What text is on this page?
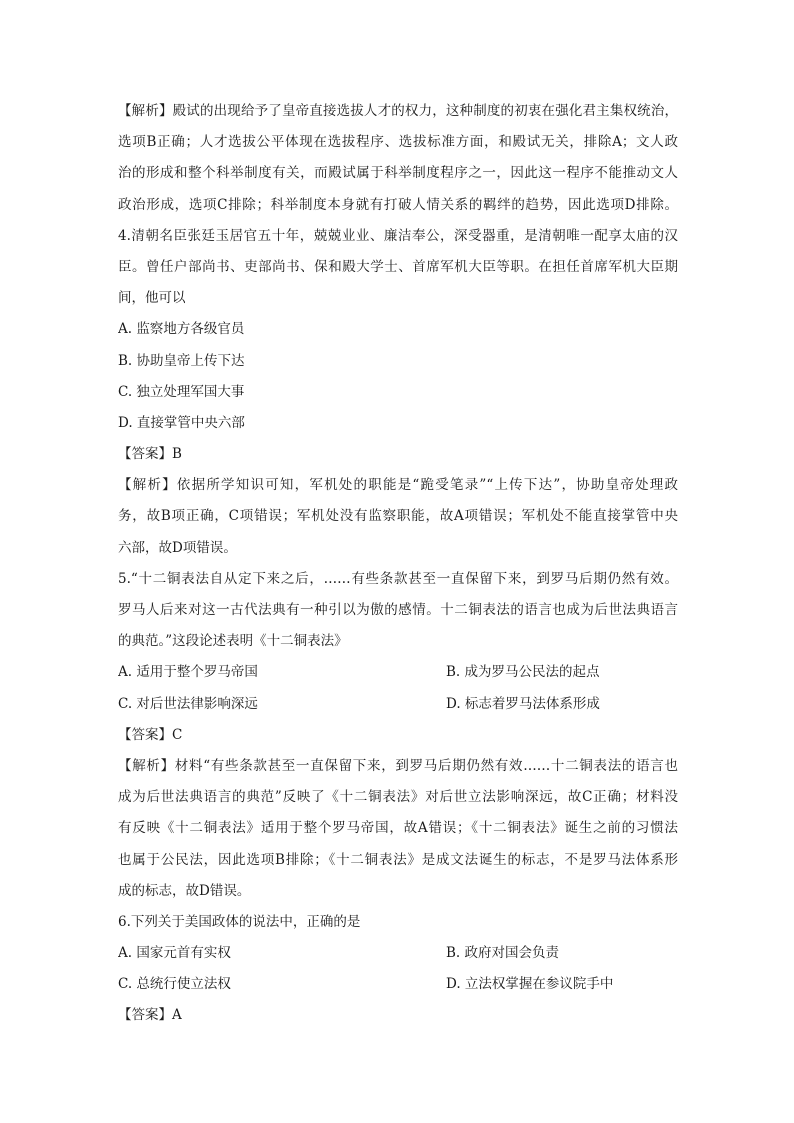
【解析】殿试的出现给予了皇帝直接选拔人才的权力，这种制度的初衷在强化君主集权统治，
选项B正确；人才选拔公平体现在选拔程序、选拔标准方面，和殿试无关，排除A；文人政
治的形成和整个科举制度有关，而殿试属于科举制度程序之一，因此这一程序不能推动文人
政治形成，选项C排除；科举制度本身就有打破人情关系的羁绊的趋势，因此选项D排除。
4.清朝名臣张廷玉居官五十年，兢兢业业、廉洁奉公，深受器重，是清朝唯一配享太庙的汉
臣。曾任户部尚书、吏部尚书、保和殿大学士、首席军机大臣等职。在担任首席军机大臣期
间，他可以
A. 监察地方各级官员
B. 协助皇帝上传下达
C. 独立处理军国大事
D. 直接掌管中央六部
【答案】B
【解析】依据所学知识可知，军机处的职能是“跪受笔录”“上传下达”，协助皇帝处理政
务，故B项正确，C项错误；军机处没有监察职能，故A项错误；军机处不能直接掌管中央
六部，故D项错误。
5.“十二铜表法自从定下来之后，……有些条款甚至一直保留下来，到罗马后期仍然有效。
罗马人后来对这一古代法典有一种引以为傲的感情。十二铜表法的语言也成为后世法典语言
的典范。”这段论述表明《十二铜表法》
A. 适用于整个罗马帝国	B. 成为罗马公民法的起点
C. 对后世法律影响深远	D. 标志着罗马法体系形成
【答案】C
【解析】材料“有些条款甚至一直保留下来，到罗马后期仍然有效……十二铜表法的语言也
成为后世法典语言的典范”反映了《十二铜表法》对后世立法影响深远，故C正确；材料没
有反映《十二铜表法》适用于整个罗马帝国，故A错误；《十二铜表法》诞生之前的习惯法
也属于公民法，因此选项B排除；《十二铜表法》是成文法诞生的标志，不是罗马法体系形
成的标志，故D错误。
6.下列关于美国政体的说法中，正确的是
A. 国家元首有实权	B. 政府对国会负责
C. 总统行使立法权	D. 立法权掌握在参议院手中
【答案】A
